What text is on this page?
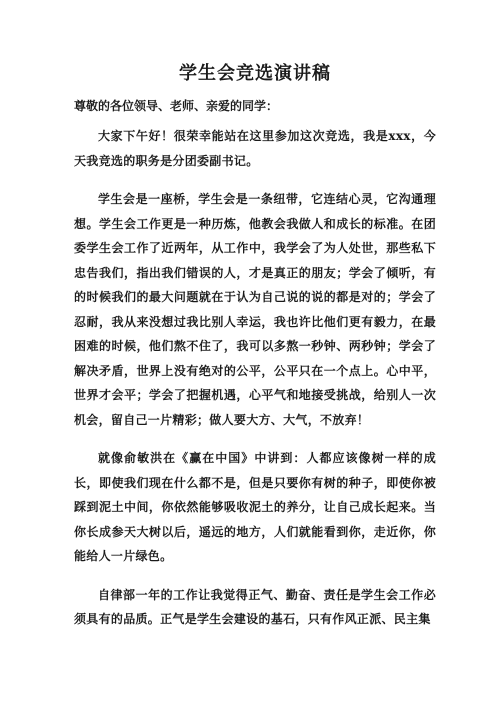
学生会竞选演讲稿

尊敬的各位领导、老师、亲爱的同学：

大家下午好！很荣幸能站在这里参加这次竞选，我是xxx，今天我竞选的职务是分团委副书记。

学生会是一座桥，学生会是一条纽带，它连结心灵，它沟通理想。学生会工作更是一种历炼，他教会我做人和成长的标准。在团委学生会工作了近两年，从工作中，我学会了为人处世，那些私下忠告我们，指出我们错误的人，才是真正的朋友；学会了倾听，有的时候我们的最大问题就在于认为自己说的说的都是对的；学会了忍耐，我从来没想过我比别人幸运，我也许比他们更有毅力，在最困难的时候，他们熬不住了，我可以多熬一秒钟、两秒钟；学会了解决矛盾，世界上没有绝对的公平，公平只在一个点上。心中平，世界才会平；学会了把握机遇，心平气和地接受挑战，给别人一次机会，留自己一片精彩；做人要大方、大气，不放弃！

就像俞敏洪在《赢在中国》中讲到：人都应该像树一样的成长，即使我们现在什么都不是，但是只要你有树的种子，即使你被踩到泥土中间，你依然能够吸收泥土的养分，让自己成长起来。当你长成参天大树以后，遥远的地方，人们就能看到你，走近你，你能给人一片绿色。

自律部一年的工作让我觉得正气、勤奋、责任是学生会工作必须具有的品质。正气是学生会建设的基石，只有作风正派、民主集
